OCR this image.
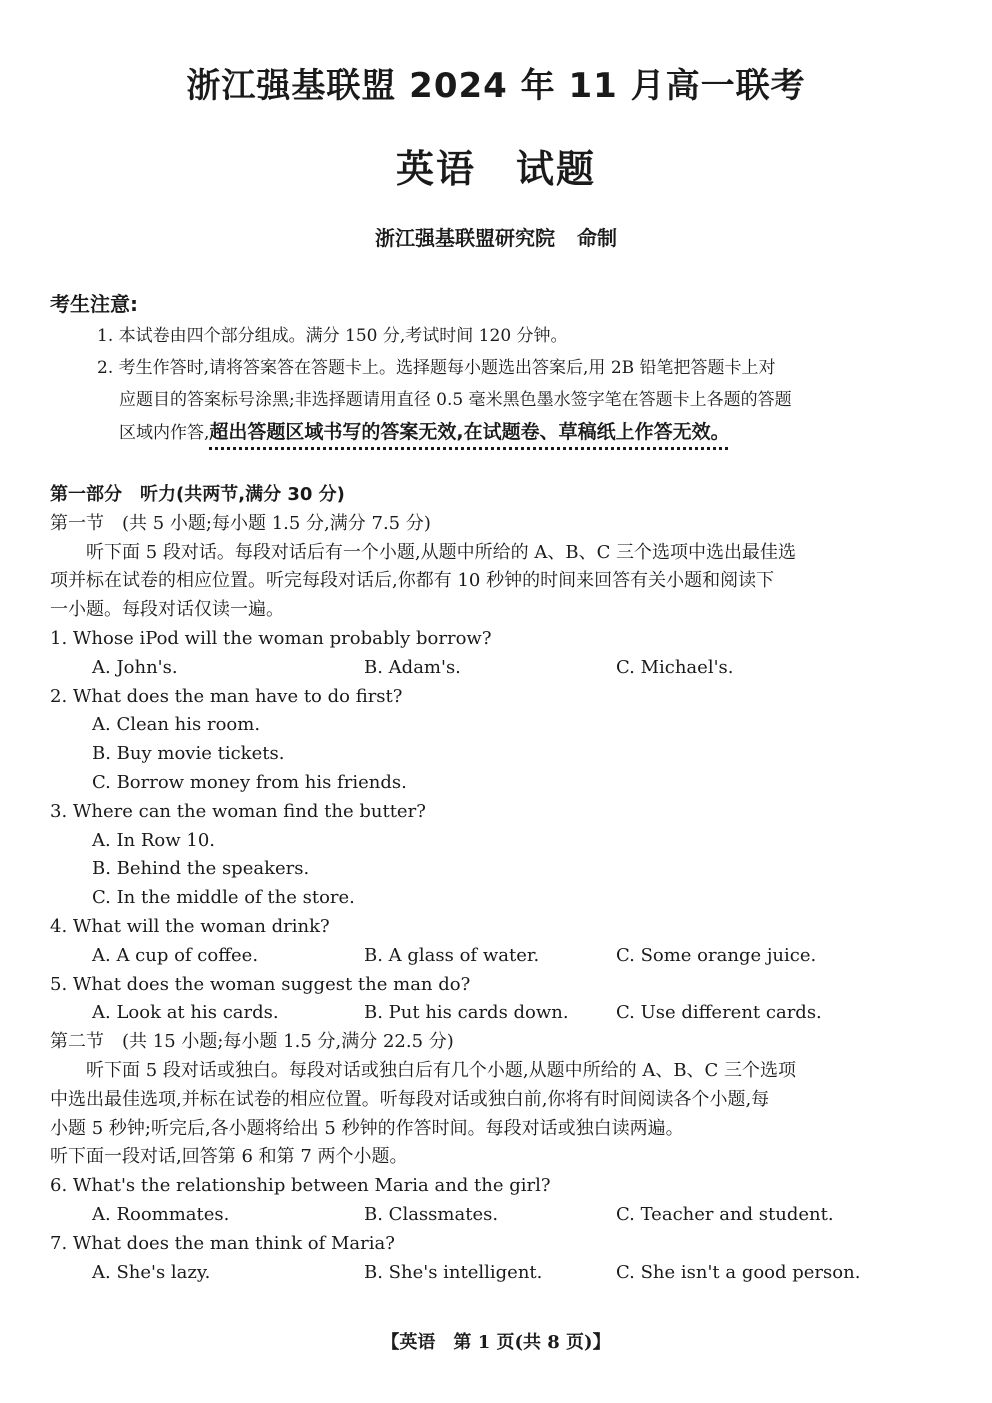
浙江强基联盟 2024 年 11 月高一联考
英语 试题
浙江强基联盟研究院 命制
考生注意:
1. 本试卷由四个部分组成。满分 150 分,考试时间 120 分钟。
2. 考生作答时,请将答案答在答题卡上。选择题每小题选出答案后,用 2B 铅笔把答题卡上对
应题目的答案标号涂黑;非选择题请用直径 0.5 毫米黑色墨水签字笔在答题卡上各题的答题
区域内作答,超出答题区域书写的答案无效,在试题卷、草稿纸上作答无效。
第一部分　听力(共两节,满分 30 分)
第一节　(共 5 小题;每小题 1.5 分,满分 7.5 分)
听下面 5 段对话。每段对话后有一个小题,从题中所给的 A、B、C 三个选项中选出最佳选
项并标在试卷的相应位置。听完每段对话后,你都有 10 秒钟的时间来回答有关小题和阅读下
一小题。每段对话仅读一遍。
1. Whose iPod will the woman probably borrow?
A. John's.	B. Adam's.	C. Michael's.
2. What does the man have to do first?
A. Clean his room.
B. Buy movie tickets.
C. Borrow money from his friends.
3. Where can the woman find the butter?
A. In Row 10.
B. Behind the speakers.
C. In the middle of the store.
4. What will the woman drink?
A. A cup of coffee.	B. A glass of water.	C. Some orange juice.
5. What does the woman suggest the man do?
A. Look at his cards.	B. Put his cards down.	C. Use different cards.
第二节　(共 15 小题;每小题 1.5 分,满分 22.5 分)
听下面 5 段对话或独白。每段对话或独白后有几个小题,从题中所给的 A、B、C 三个选项
中选出最佳选项,并标在试卷的相应位置。听每段对话或独白前,你将有时间阅读各个小题,每
小题 5 秒钟;听完后,各小题将给出 5 秒钟的作答时间。每段对话或独白读两遍。
听下面一段对话,回答第 6 和第 7 两个小题。
6. What's the relationship between Maria and the girl?
A. Roommates.	B. Classmates.	C. Teacher and student.
7. What does the man think of Maria?
A. She's lazy.	B. She's intelligent.	C. She isn't a good person.
【英语　第 1 页(共 8 页)】
